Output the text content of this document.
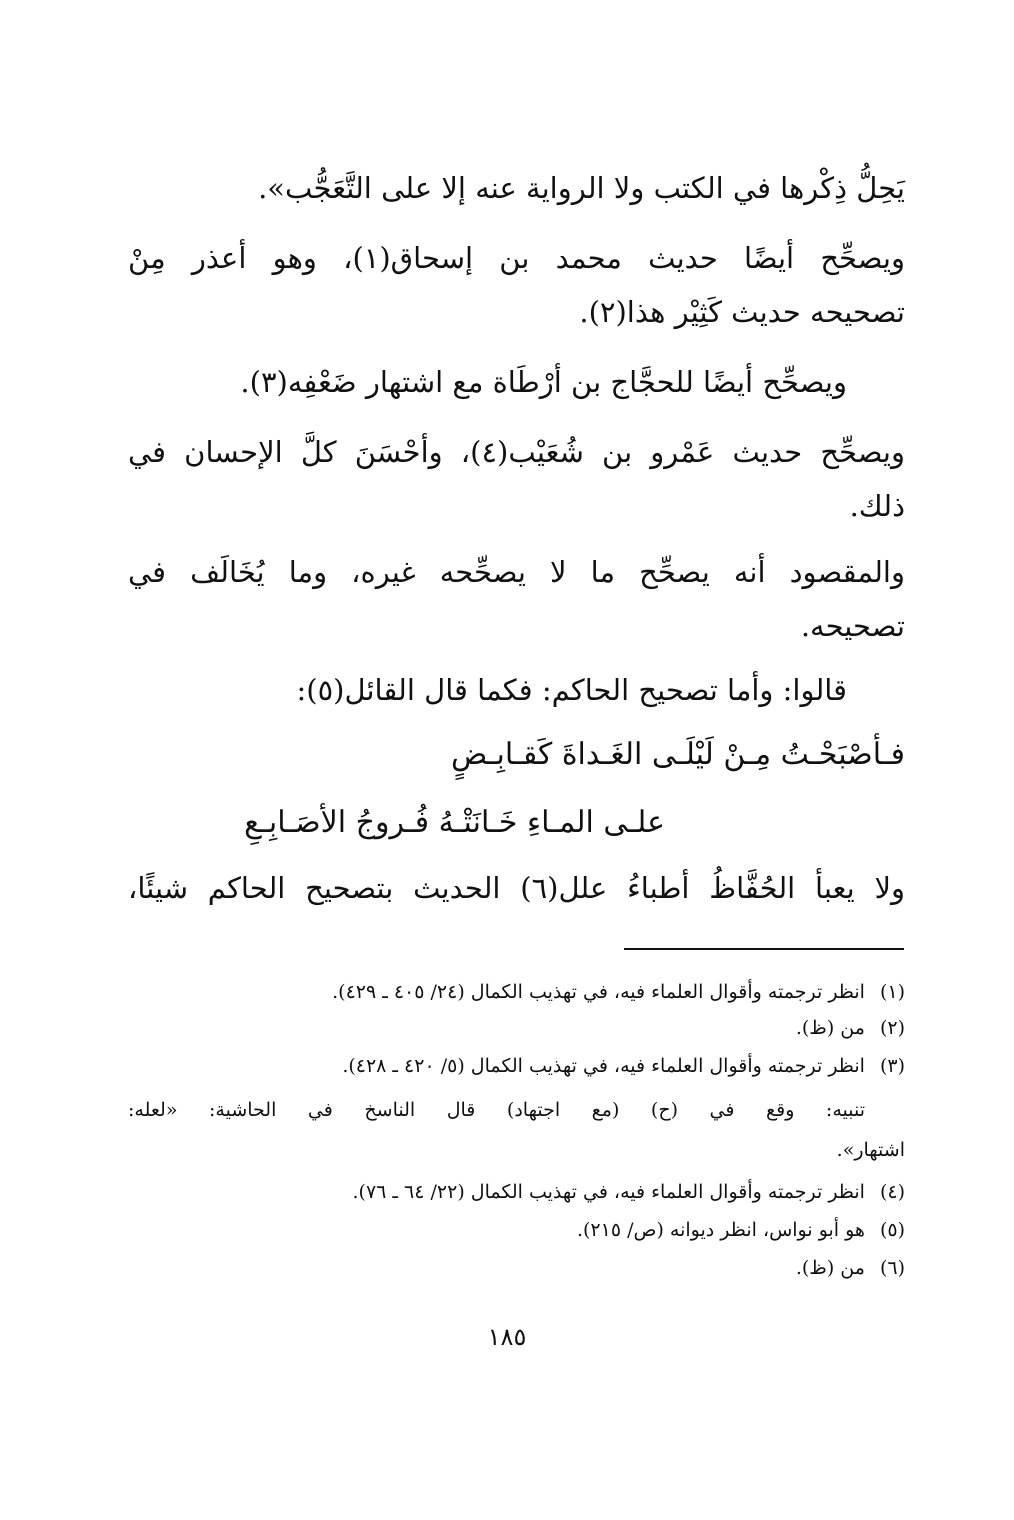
يَحِلُّ ذِكْرها في الكتب ولا الرواية عنه إلا على التَّعَجُّب».
ويصحِّح أيضًا حديث محمد بن إسحاق(١)، وهو أعذر مِنْ
تصحيحه حديث كَثِيْر هذا(٢).
ويصحِّح أيضًا للحجَّاج بن أرْطَاة مع اشتهار ضَعْفِه(٣).
ويصحِّح حديث عَمْرو بن شُعَيْب(٤)، وأحْسَنَ كلَّ الإحسان في
ذلك.
والمقصود أنه يصحِّح ما لا يصحِّحه غيره، وما يُخَالَف في
تصحيحه.
قالوا: وأما تصحيح الحاكم: فكما قال القائل(٥):
فـأصْبَحْـتُ مِـنْ لَيْلَـى الغَـداةَ كَقـابِـضٍ
علـى المـاءِ خَـانَتْـهُ فُـروجُ الأصَـابِـعِ
ولا يعبأ الحُفَّاظُ أطباءُ علل(٦) الحديث بتصحيح الحاكم شيئًا،
(١) انظر ترجمته وأقوال العلماء فيه، في تهذيب الكمال (٢٤/ ٤٠٥ ـ ٤٢٩).
(٢) من (ظ).
(٣) انظر ترجمته وأقوال العلماء فيه، في تهذيب الكمال (٥/ ٤٢٠ ـ ٤٢٨).
تنبيه: وقع في (ح) (مع اجتهاد) قال الناسخ في الحاشية: «لعله:
اشتهار».
(٤) انظر ترجمته وأقوال العلماء فيه، في تهذيب الكمال (٢٢/ ٦٤ ـ ٧٦).
(٥) هو أبو نواس، انظر ديوانه (ص/ ٢١٥).
(٦) من (ظ).
١٨٥
